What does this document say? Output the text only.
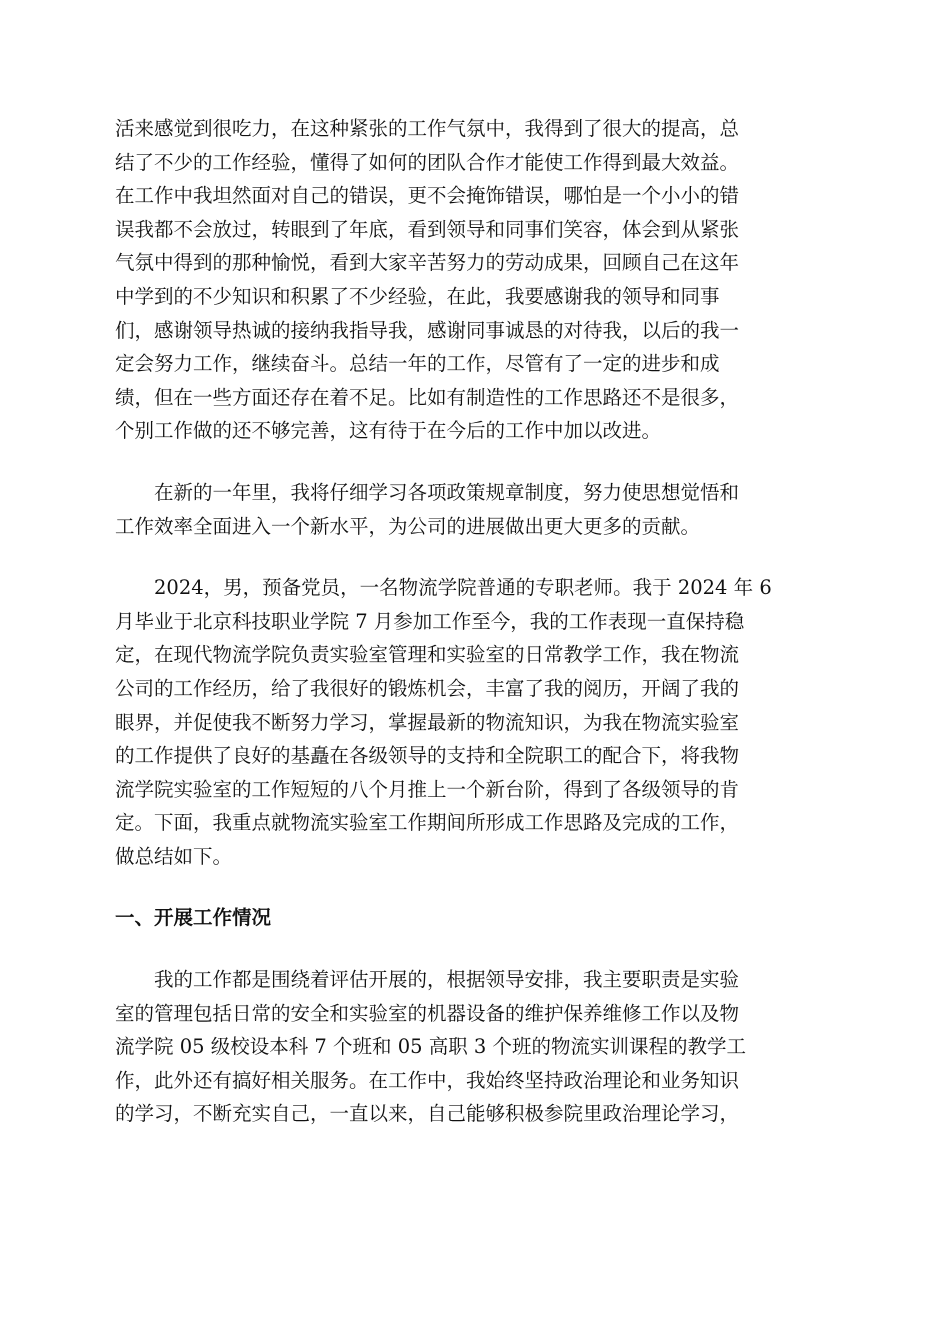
活来感觉到很吃力，在这种紧张的工作气氛中，我得到了很大的提高，总
结了不少的工作经验，懂得了如何的团队合作才能使工作得到最大效益。
在工作中我坦然面对自己的错误，更不会掩饰错误，哪怕是一个小小的错
误我都不会放过，转眼到了年底，看到领导和同事们笑容，体会到从紧张
气氛中得到的那种愉悦，看到大家辛苦努力的劳动成果，回顾自己在这年
中学到的不少知识和积累了不少经验，在此，我要感谢我的领导和同事
们，感谢领导热诚的接纳我指导我，感谢同事诚恳的对待我，以后的我一
定会努力工作，继续奋斗。总结一年的工作，尽管有了一定的进步和成
绩，但在一些方面还存在着不足。比如有制造性的工作思路还不是很多，
个别工作做的还不够完善，这有待于在今后的工作中加以改进。
　　在新的一年里，我将仔细学习各项政策规章制度，努力使思想觉悟和
工作效率全面进入一个新水平，为公司的进展做出更大更多的贡献。
　　2024，男，预备党员，一名物流学院普通的专职老师。我于 2024 年 6
月毕业于北京科技职业学院 7 月参加工作至今，我的工作表现一直保持稳
定，在现代物流学院负责实验室管理和实验室的日常教学工作，我在物流
公司的工作经历，给了我很好的锻炼机会，丰富了我的阅历，开阔了我的
眼界，并促使我不断努力学习，掌握最新的物流知识，为我在物流实验室
的工作提供了良好的基矗在各级领导的支持和全院职工的配合下，将我物
流学院实验室的工作短短的八个月推上一个新台阶，得到了各级领导的肯
定。下面，我重点就物流实验室工作期间所形成工作思路及完成的工作，
做总结如下。
一、开展工作情况
　　我的工作都是围绕着评估开展的，根据领导安排，我主要职责是实验
室的管理包括日常的安全和实验室的机器设备的维护保养维修工作以及物
流学院 05 级校设本科 7 个班和 05 高职 3 个班的物流实训课程的教学工
作，此外还有搞好相关服务。在工作中，我始终坚持政治理论和业务知识
的学习，不断充实自己，一直以来，自己能够积极参院里政治理论学习，
